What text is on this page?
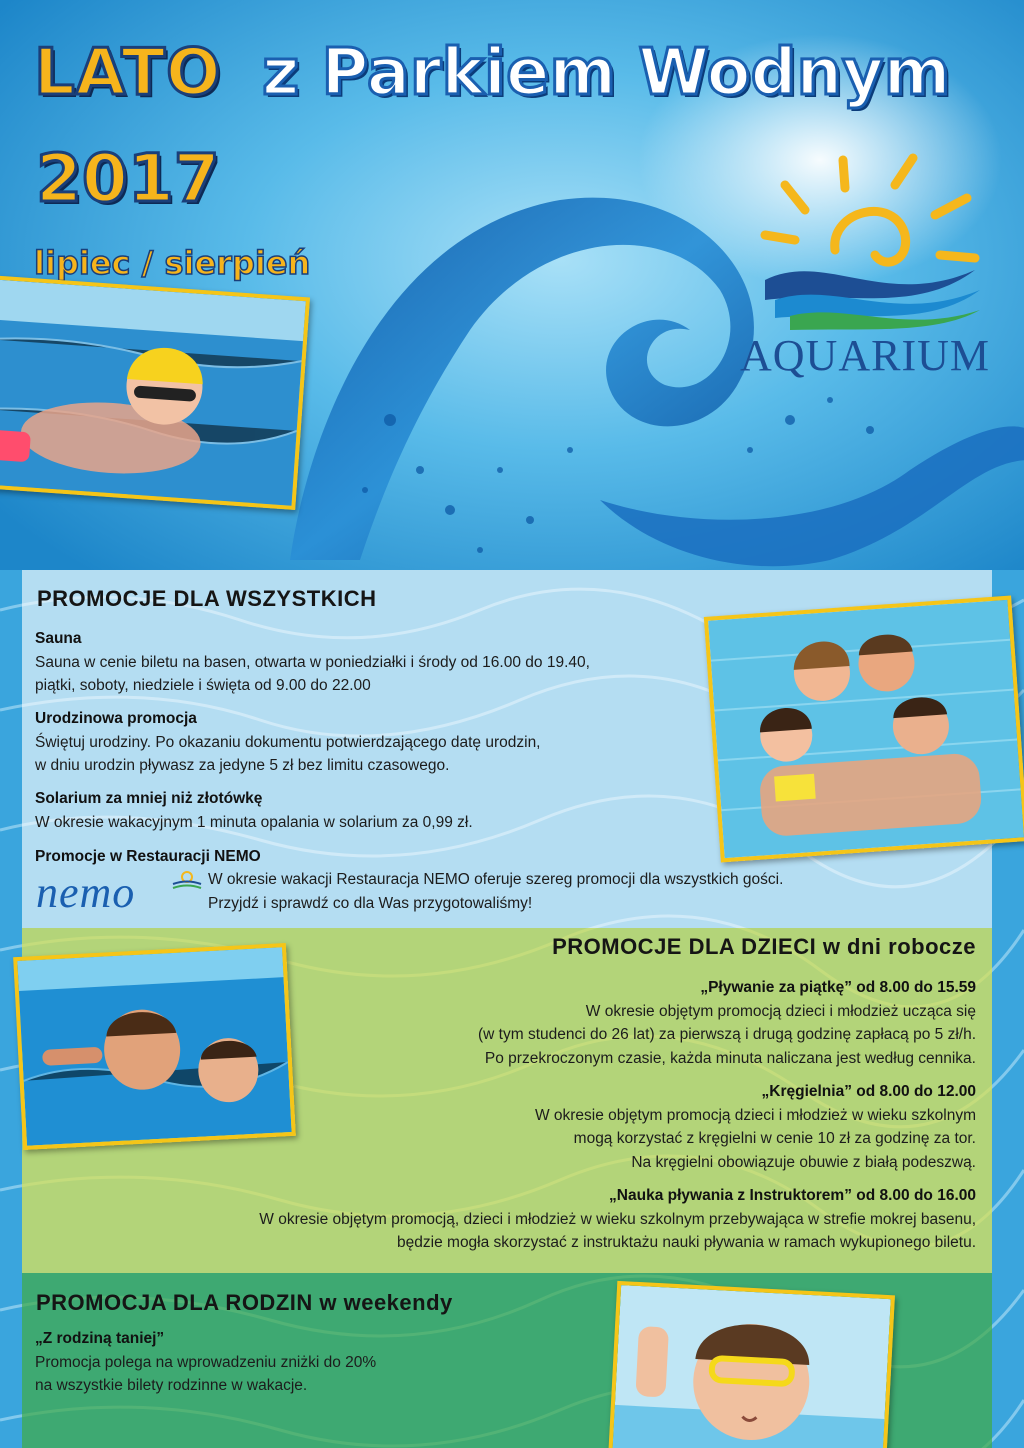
LATO z Parkiem Wodnym
2017
lipiec / sierpień
AQUARIUM
PROMOCJE DLA WSZYSTKICH
Sauna
Sauna w cenie biletu na basen, otwarta w poniedziałki i środy od 16.00 do 19.40,
piątki, soboty, niedziele i święta od 9.00 do 22.00
Urodzinowa promocja
Świętuj urodziny. Po okazaniu dokumentu potwierdzającego datę urodzin,
w dniu urodzin pływasz za jedyne 5 zł bez limitu czasowego.
Solarium za mniej niż złotówkę
W okresie wakacyjnym 1 minuta opalania w solarium za 0,99 zł.
Promocje w Restauracji NEMO
nemo	W okresie wakacji Restauracja NEMO oferuje szereg promocji dla wszystkich gości.
Przyjdź i sprawdź co dla Was przygotowaliśmy!
PROMOCJE DLA DZIECI w dni robocze
„Pływanie za piątkę” od 8.00 do 15.59
W okresie objętym promocją dzieci i młodzież ucząca się
(w tym studenci do 26 lat) za pierwszą i drugą godzinę zapłacą po 5 zł/h.
Po przekroczonym czasie, każda minuta naliczana jest według cennika.
„Kręgielnia” od 8.00 do 12.00
W okresie objętym promocją dzieci i młodzież w wieku szkolnym
mogą korzystać z kręgielni w cenie 10 zł za godzinę za tor.
Na kręgielni obowiązuje obuwie z białą podeszwą.
„Nauka pływania z Instruktorem” od 8.00 do 16.00
W okresie objętym promocją, dzieci i młodzież w wieku szkolnym przebywająca w strefie mokrej basenu,
będzie mogła skorzystać z instruktażu nauki pływania w ramach wykupionego biletu.
PROMOCJA DLA RODZIN w weekendy
„Z rodziną taniej”
Promocja polega na wprowadzeniu zniżki do 20%
na wszystkie bilety rodzinne w wakacje.
